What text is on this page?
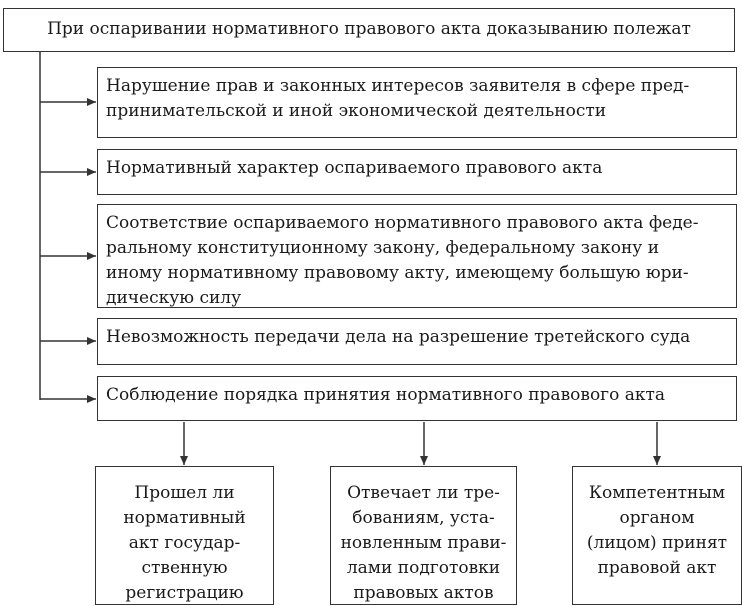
При оспаривании нормативного правового акта доказыванию полежат
Нарушение прав и законных интересов заявителя в сфере пред-
принимательской и иной экономической деятельности
Нормативный характер оспариваемого правового акта
Соответствие оспариваемого нормативного правового акта феде-
ральному конституционному закону, федеральному закону и
иному нормативному правовому акту, имеющему большую юри-
дическую силу
Невозможность передачи дела на разрешение третейского суда
Соблюдение порядка принятия нормативного правового акта
Прошел ли
нормативный
акт государ-
ственную
регистрацию
Отвечает ли тре-
бованиям, уста-
новленным прави-
лами подготовки
правовых актов
Компетентным
органом
(лицом) принят
правовой акт
